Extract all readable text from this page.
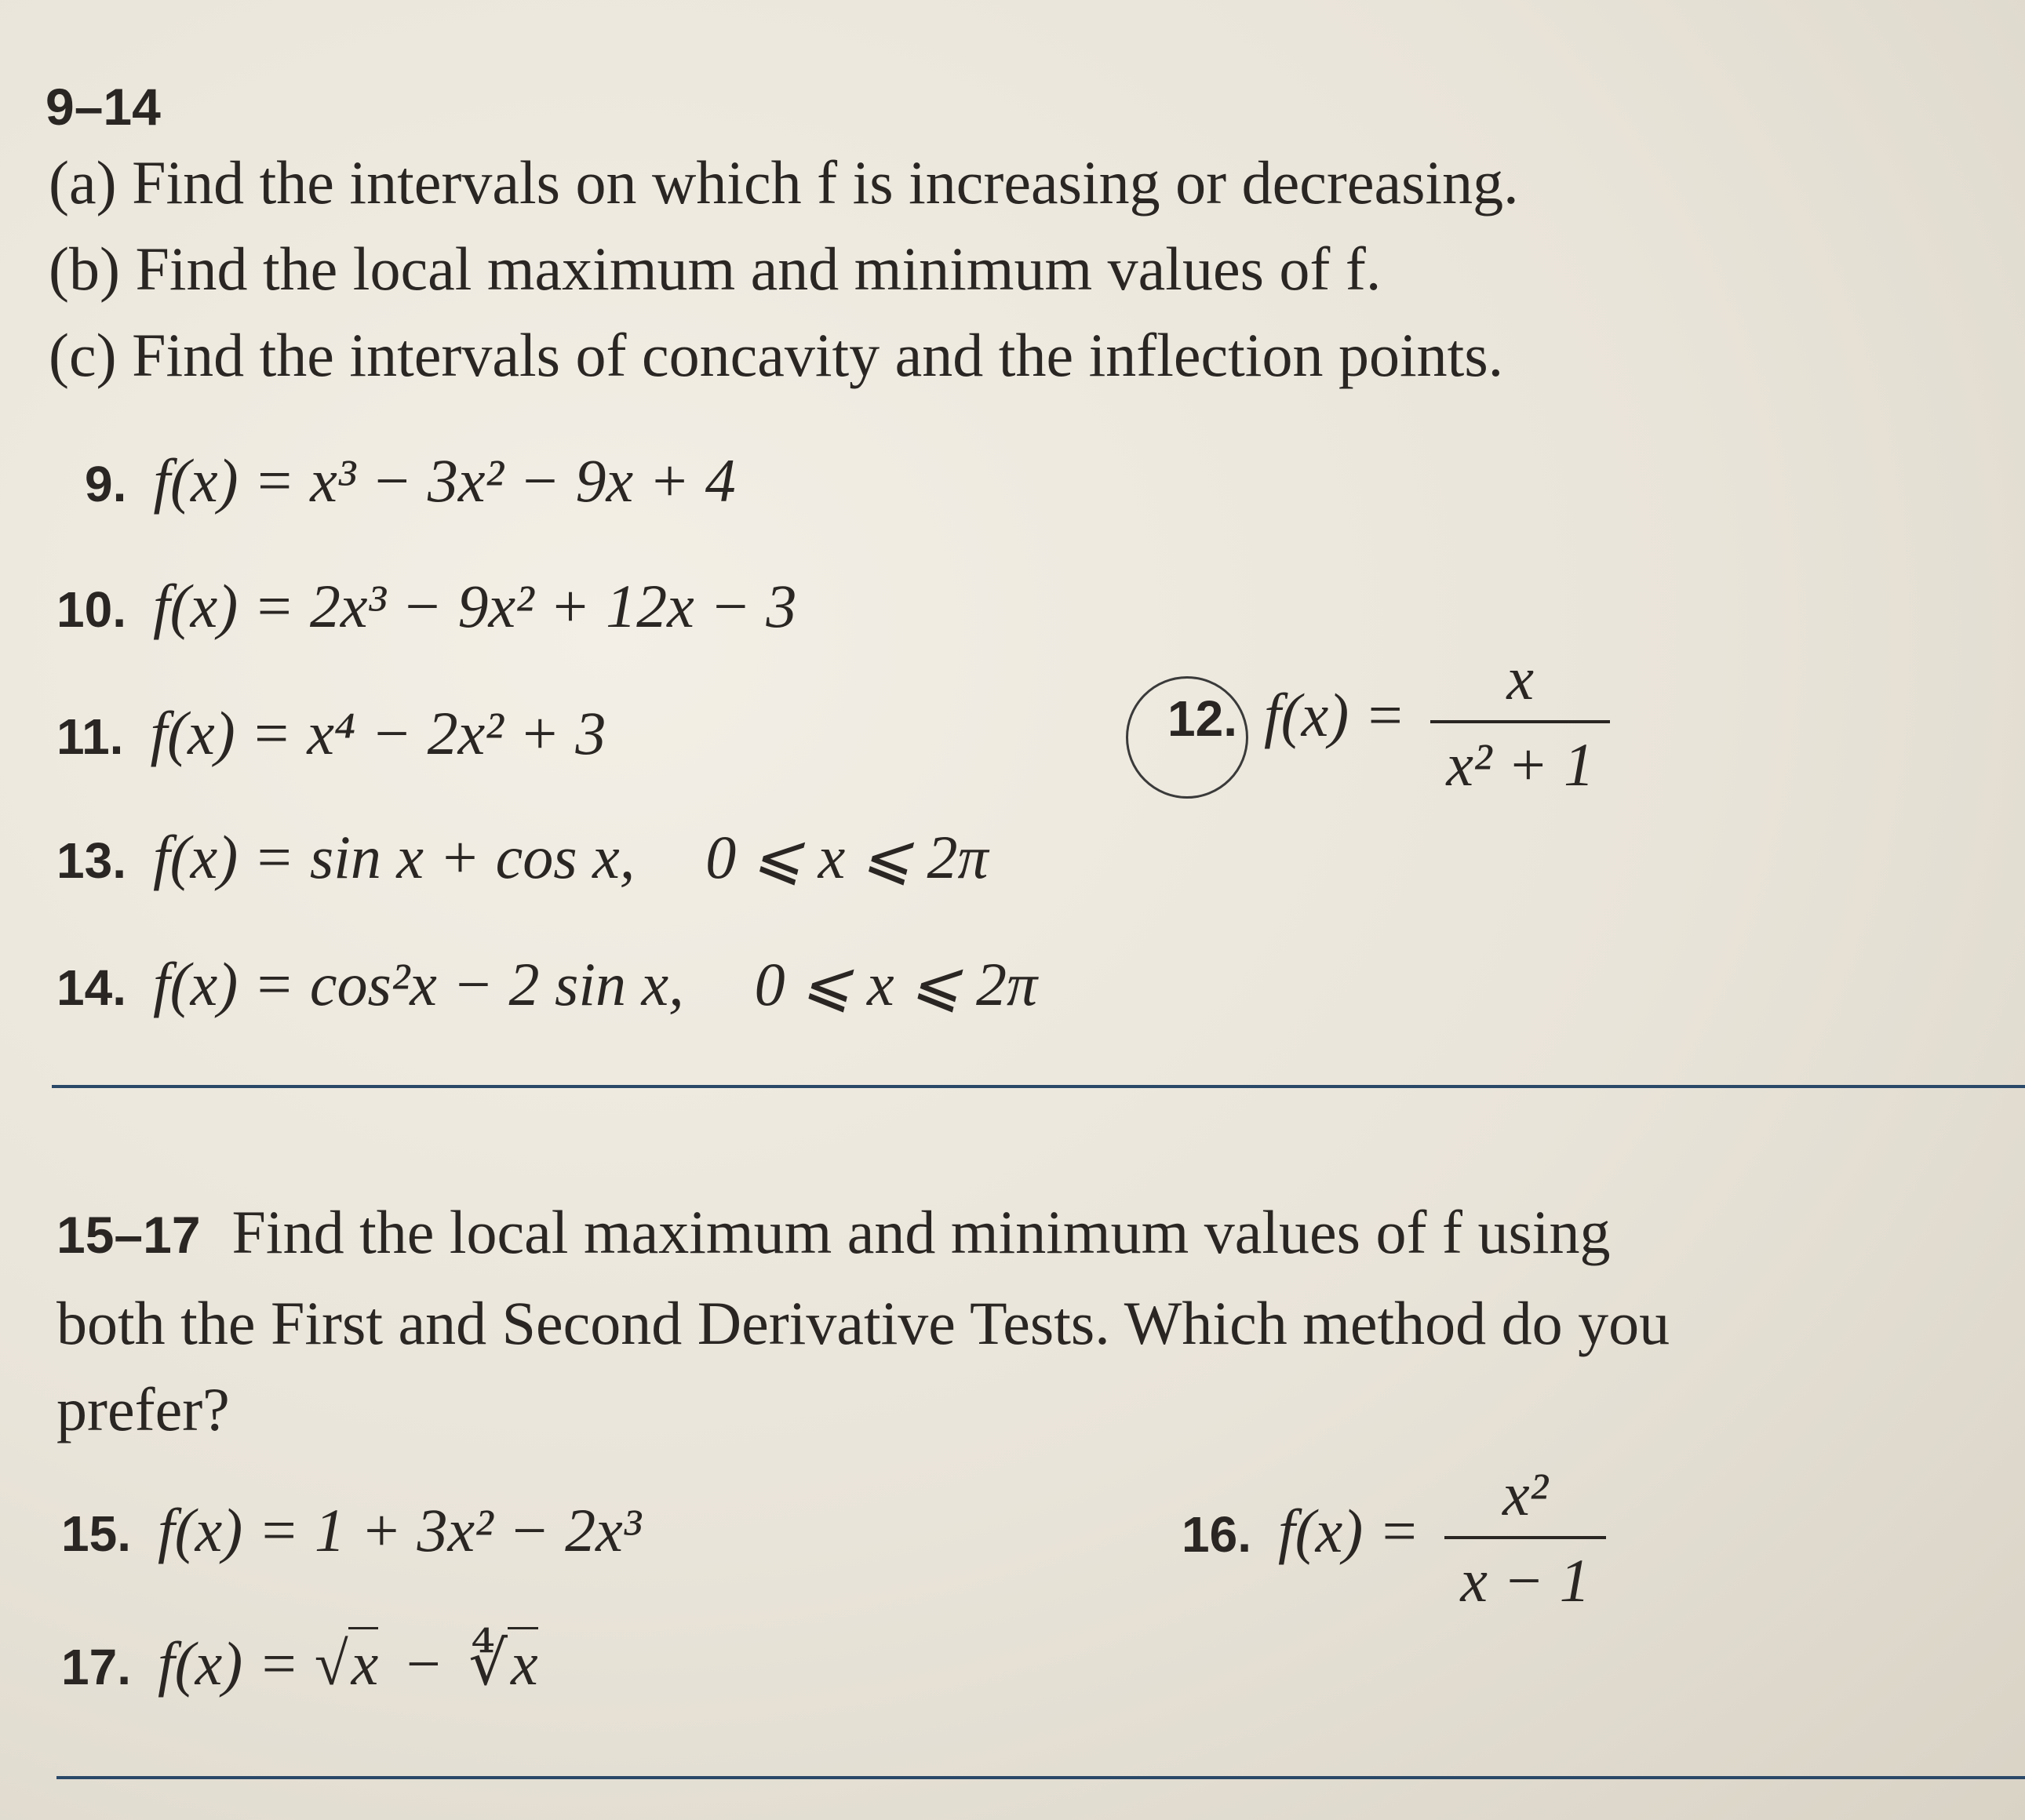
9–14
(a) Find the intervals on which f is increasing or decreasing.
(b) Find the local maximum and minimum values of f.
(c) Find the intervals of concavity and the inflection points.
9. f(x) = x³ − 3x² − 9x + 4
10. f(x) = 2x³ − 9x² + 12x − 3
11. f(x) = x⁴ − 2x² + 3	12. $f(x) = \frac{x}{\text{x² + 1}}$
13. f(x) = sin x + cos x, 0 ⩽ x ⩽ 2π
14. f(x) = cos²x − 2 sin x, 0 ⩽ x ⩽ 2π
15–17 Find the local maximum and minimum values of f using
both the First and Second Derivative Tests. Which method do you
prefer?
15. f(x) = 1 + 3x² − 2x³	16. $f(x) = \frac{\text{x²}}{x - 1}$
17. f(x) = √x − ∜x
